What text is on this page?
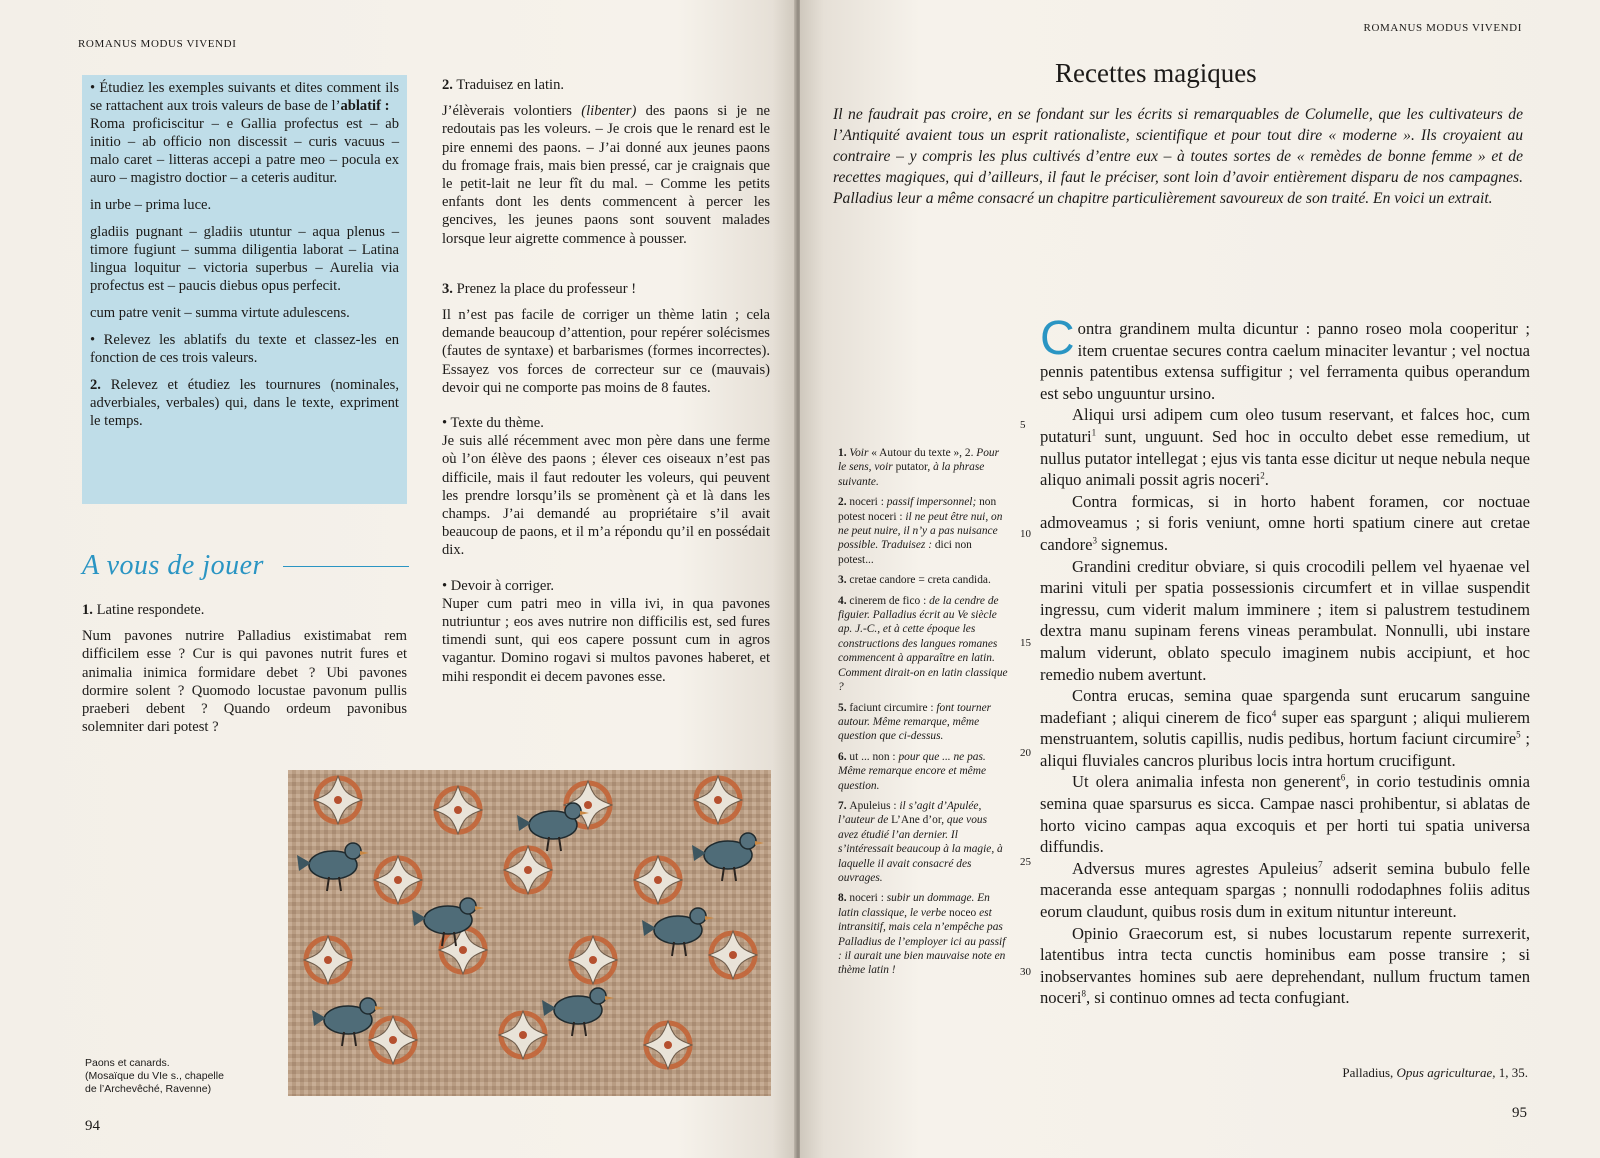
ROMANUS MODUS VIVENDI

• Étudiez les exemples suivants et dites comment ils se rattachent aux trois valeurs de base de l’ablatif :
Roma proficiscitur – e Gallia profectus est – ab initio – ab officio non discessit – curis vacuus – malo caret – litteras accepi a patre meo – pocula ex auro – magistro doctior – a ceteris auditur.

in urbe – prima luce.

gladiis pugnant – gladiis utuntur – aqua plenus – timore fugiunt – summa diligentia laborat – Latina lingua loquitur – victoria superbus – Aurelia via profectus est – paucis diebus opus perfecit.

cum patre venit – summa virtute adulescens.

• Relevez les ablatifs du texte et classez-les en fonction de ces trois valeurs.

2. Relevez et étudiez les tournures (nominales, adverbiales, verbales) qui, dans le texte, expriment le temps.

A vous de jouer

1. Latine respondete.

Num pavones nutrire Palladius existimabat rem difficilem esse ? Cur is qui pavones nutrit fures et animalia inimica formidare debet ? Ubi pavones dormire solent ? Quomodo locustae pavonum pullis praeberi debent ? Quando ordeum pavonibus solemniter dari potest ?

2. Traduisez en latin.

J’élèverais volontiers (libenter) des paons si je ne redoutais pas les voleurs. – Je crois que le renard est le pire ennemi des paons. – J’ai donné aux jeunes paons du fromage frais, mais bien pressé, car je craignais que le petit-lait ne leur fît du mal. – Comme les petits enfants dont les dents commencent à percer les gencives, les jeunes paons sont souvent malades lorsque leur aigrette commence à pousser.

3. Prenez la place du professeur !

Il n’est pas facile de corriger un thème latin ; cela demande beaucoup d’attention, pour repérer solécismes (fautes de syntaxe) et barbarismes (formes incorrectes). Essayez vos forces de correcteur sur ce (mauvais) devoir qui ne comporte pas moins de 8 fautes.

• Texte du thème.

Je suis allé récemment avec mon père dans une ferme où l’on élève des paons ; élever ces oiseaux n’est pas difficile, mais il faut redouter les voleurs, qui peuvent les prendre lorsqu’ils se promènent çà et là dans les champs. J’ai demandé au propriétaire s’il avait beaucoup de paons, et il m’a répondu qu’il en possédait dix.

• Devoir à corriger.

Nuper cum patri meo in villa ivi, in qua pavones nutriuntur ; eos aves nutrire non difficilis est, sed fures timendi sunt, qui eos capere possunt cum in agros vagantur. Domino rogavi si multos pavones haberet, et mihi respondit ei decem pavones esse.

Paons et canards.
(Mosaïque du VIe s., chapelle
de l’Archevêché, Ravenne)
94
ROMANUS MODUS VIVENDI
Recettes magiques
Il ne faudrait pas croire, en se fondant sur les écrits si remarquables de Columelle, que les cultivateurs de l’Antiquité avaient tous un esprit rationaliste, scientifique et pour tout dire « moderne ». Ils croyaient au contraire – y compris les plus cultivés d’entre eux – à toutes sortes de « remèdes de bonne femme » et de recettes magiques, qui d’ailleurs, il faut le préciser, sont loin d’avoir entièrement disparu de nos campagnes. Palladius leur a même consacré un chapitre particulièrement savoureux de son traité. En voici un extrait.

1. Voir « Autour du texte », 2. Pour le sens, voir putator, à la phrase suivante.

2. noceri : passif impersonnel; non potest noceri : il ne peut être nui, on ne peut nuire, il n’y a pas nuisance possible. Traduisez : dici non potest...

3. cretae candore = creta candida.

4. cinerem de fico : de la cendre de figuier. Palladius écrit au Ve siècle ap. J.-C., et à cette époque les constructions des langues romanes commencent à apparaître en latin. Comment dirait-on en latin classique ?

5. faciunt circumire : font tourner autour. Même remarque, même question que ci-dessus.

6. ut ... non : pour que ... ne pas. Même remarque encore et même question.

7. Apuleius : il s’agit d’Apulée, l’auteur de L’Ane d’or, que vous avez étudié l’an dernier. Il s’intéressait beaucoup à la magie, à laquelle il avait consacré des ouvrages.

8. noceri : subir un dommage. En latin classique, le verbe noceo est intransitif, mais cela n’empêche pas Palladius de l’employer ici au passif : il aurait une bien mauvaise note en thème latin !

5
10
15
20
25
30

Contra grandinem multa dicuntur : panno roseo mola cooperitur ; item cruentae secures contra caelum minaciter levantur ; vel noctua pennis patentibus extensa suffigitur ; vel ferramenta quibus operandum est sebo unguuntur ursino.

Aliqui ursi adipem cum oleo tusum reservant, et falces hoc, cum putaturi$^1$ sunt, unguunt. Sed hoc in occulto debet esse remedium, ut nullus putator intellegat ; ejus vis tanta esse dicitur ut neque nebula neque aliquo animali possit agris noceri$^2$.

Contra formicas, si in horto habent foramen, cor noctuae admoveamus ; si foris veniunt, omne horti spatium cinere aut cretae candore$^3$ signemus.

Grandini creditur obviare, si quis crocodili pellem vel hyaenae vel marini vituli per spatia possessionis circumfert et in villae suspendit ingressu, cum viderit malum imminere ; item si palustrem testudinem dextra manu supinam ferens vineas perambulat. Nonnulli, ubi instare malum viderunt, oblato speculo imaginem nubis accipiunt, et hoc remedio nubem avertunt.

Contra erucas, semina quae spargenda sunt erucarum sanguine madefiant ; aliqui cinerem de fico$^4$ super eas spargunt ; aliqui mulierem menstruantem, solutis capillis, nudis pedibus, hortum faciunt circumire$^5$ ; aliqui fluviales cancros pluribus locis intra hortum crucifigunt.

Ut olera animalia infesta non generent$^6$, in corio testudinis omnia semina quae sparsurus es sicca. Campae nasci prohibentur, si ablatas de horto vicino campas aqua excoquis et per horti tui spatia universa diffundis.

Adversus mures agrestes Apuleius$^7$ adserit semina bubulo felle maceranda esse antequam spargas ; nonnulli rododaphnes foliis aditus eorum claudunt, quibus rosis dum in exitum nituntur intereunt.

Opinio Graecorum est, si nubes locustarum repente surrexerit, latentibus intra tecta cunctis hominibus eam posse transire ; si inobservantes homines sub aere deprehendant, nullum fructum tamen noceri$^8$, si continuo omnes ad tecta confugiant.

Palladius, Opus agriculturae, 1, 35.
95
